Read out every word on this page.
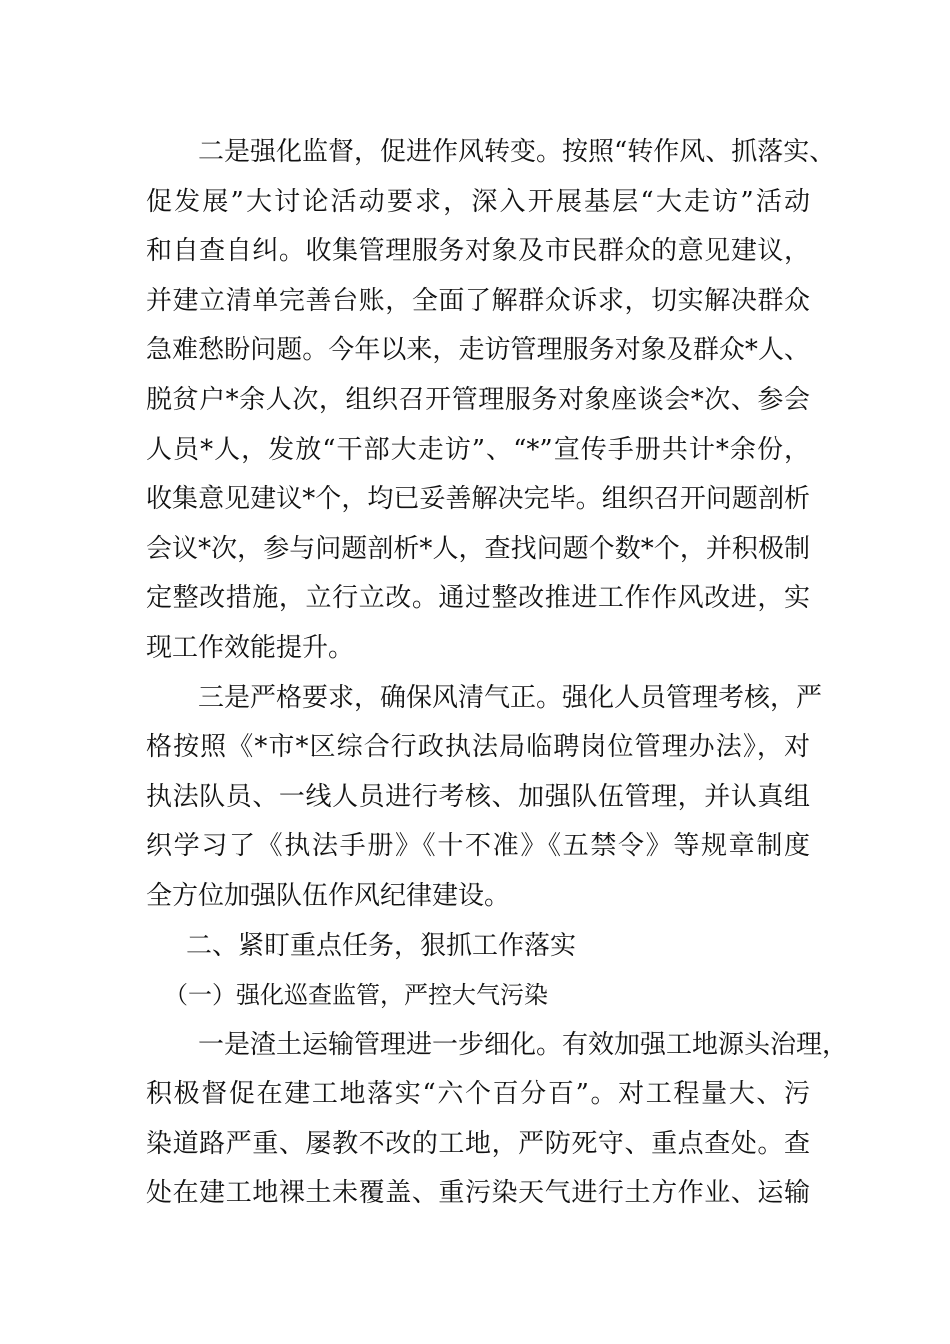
　　二是强化监督，促进作风转变。按照“转作风、抓落实、
促发展”大讨论活动要求，深入开展基层“大走访”活动
和自查自纠。收集管理服务对象及市民群众的意见建议，
并建立清单完善台账，全面了解群众诉求，切实解决群众
急难愁盼问题。今年以来，走访管理服务对象及群众*人、
脱贫户*余人次，组织召开管理服务对象座谈会*次、参会
人员*人，发放“干部大走访”、“*”宣传手册共计*余份，
收集意见建议*个，均已妥善解决完毕。组织召开问题剖析
会议*次，参与问题剖析*人，查找问题个数*个，并积极制
定整改措施，立行立改。通过整改推进工作作风改进，实
现工作效能提升。
　　三是严格要求，确保风清气正。强化人员管理考核，严
格按照《*市*区综合行政执法局临聘岗位管理办法》，对
执法队员、一线人员进行考核、加强队伍管理，并认真组
织学习了《执法手册》《十不准》《五禁令》等规章制度
全方位加强队伍作风纪律建设。
二、紧盯重点任务，狠抓工作落实
（一）强化巡查监管，严控大气污染
　　一是渣土运输管理进一步细化。有效加强工地源头治理，
积极督促在建工地落实“六个百分百”。对工程量大、污
染道路严重、屡教不改的工地，严防死守、重点查处。查
处在建工地裸土未覆盖、重污染天气进行土方作业、运输
